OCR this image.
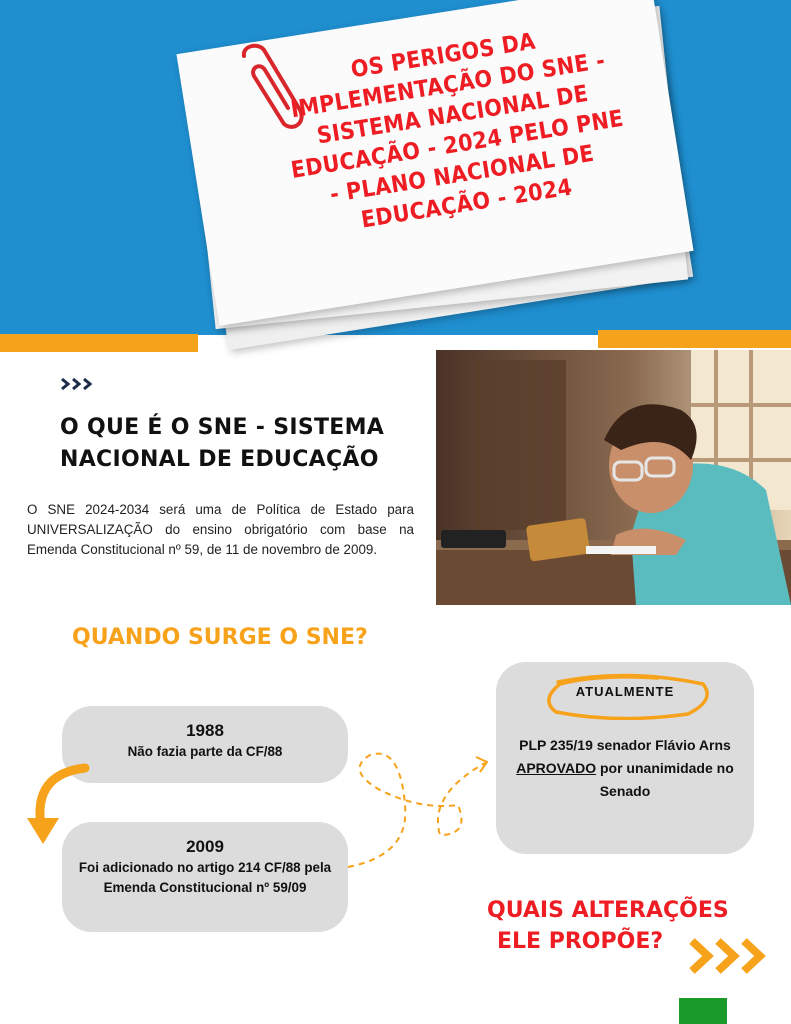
OS PERIGOS DA IMPLEMENTAÇÃO DO SNE - SISTEMA NACIONAL DE EDUCAÇÃO - 2024 PELO PNE - PLANO NACIONAL DE EDUCAÇÃO - 2024
O QUE É O SNE - SISTEMA NACIONAL DE EDUCAÇÃO
O SNE 2024-2034 será uma de Política de Estado para UNIVERSALIZAÇÃO do ensino obrigatório com base na Emenda Constitucional nº 59, de 11 de novembro de 2009.
QUANDO SURGE O SNE?
1988
Não fazia parte da CF/88
2009
Foi adicionado no artigo 214 CF/88 pela Emenda Constitucional nº 59/09
ATUALMENTE
PLP 235/19 senador Flávio Arns
APROVADO por unanimidade no Senado
QUAIS ALTERAÇÕES
ELE PROPÕE?
